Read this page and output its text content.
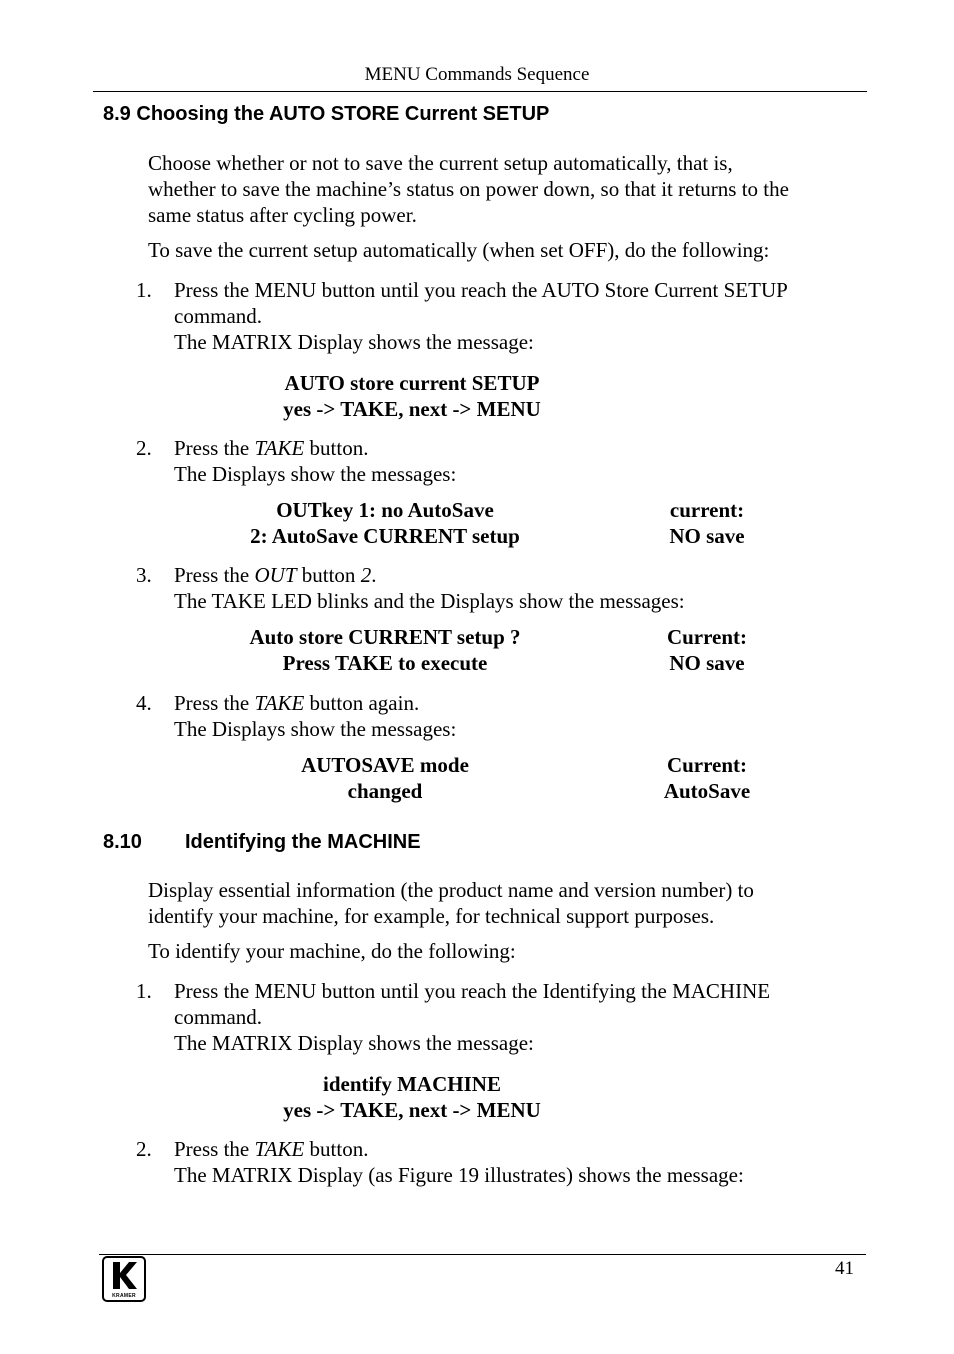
MENU Commands Sequence
8.9 Choosing the AUTO STORE Current SETUP
Choose whether or not to save the current setup automatically, that is,
whether to save the machine’s status on power down, so that it returns to the
same status after cycling power.
To save the current setup automatically (when set OFF), do the following:
1. Press the MENU button until you reach the AUTO Store Current SETUP
command.
The MATRIX Display shows the message:
AUTO store current SETUP
yes -> TAKE, next -> MENU
2. Press the TAKE button.
The Displays show the messages:
OUTkey 1: no AutoSave
2: AutoSave CURRENT setup
current:
NO save
3. Press the OUT button 2.
The TAKE LED blinks and the Displays show the messages:
Auto store CURRENT setup ?
Press TAKE to execute
Current:
NO save
4. Press the TAKE button again.
The Displays show the messages:
AUTOSAVE mode
changed
Current:
AutoSave
8.10 Identifying the MACHINE
Display essential information (the product name and version number) to
identify your machine, for example, for technical support purposes.
To identify your machine, do the following:
1. Press the MENU button until you reach the Identifying the MACHINE
command.
The MATRIX Display shows the message:
identify MACHINE
yes -> TAKE, next -> MENU
2. Press the TAKE button.
The MATRIX Display (as Figure 19 illustrates) shows the message:
KRAMER
41
